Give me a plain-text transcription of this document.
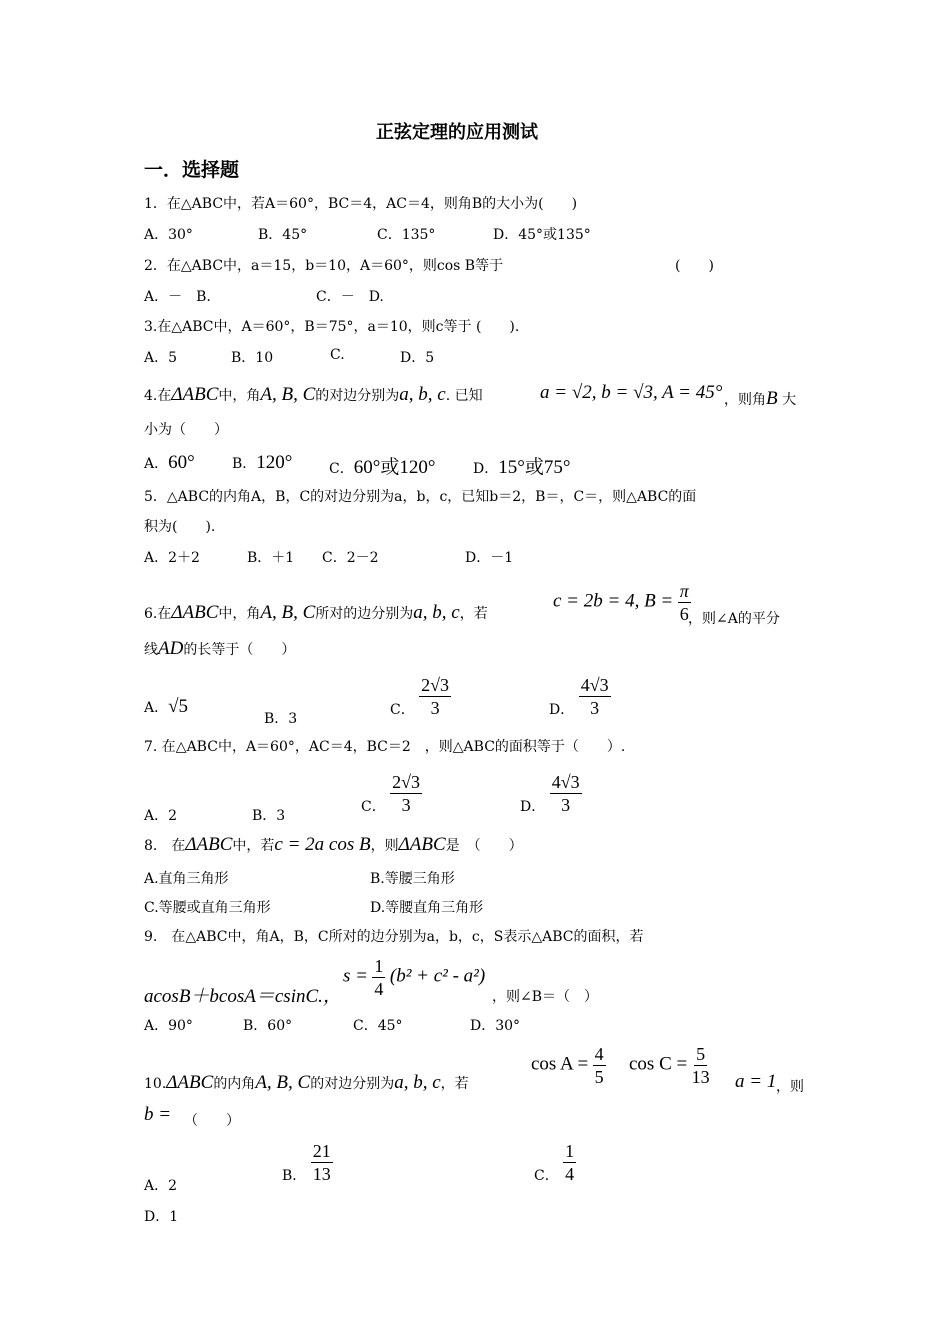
正弦定理的应用测试
一．选择题
1．在△ABC中，若A＝60°，BC＝4，AC＝4，则角B的大小为(　　)
A．30°	B．45°	C．135°	D．45°或135°
2．在△ABC中，a＝15，b＝10，A＝60°，则cos B等于	(　　)
A．－　B.	C．－　D.
3.在△ABC中，A＝60°，B＝75°，a＝10，则c等于 (　　).
A．5	B．10	C.	D．5
4.在ΔABC中，角A, B, C的对边分别为a, b, c. 已知	a = √2, b = √3, A = 45° ，则角B 大
小为（　　）
A．60°	B．120°	C．60°或120°	D．15°或75°
5．△ABC的内角A，B，C的对边分别为a，b，c，已知b＝2，B＝，C＝，则△ABC的面
积为(　　).
A．2＋2	B．＋1 C．2－2	D．－1
6.在ΔABC中，角A, B, C所对的边分别为a, b, c，若
c = 2b = 4, $B = \frac{\pi}{6}$
，则∠A的平分
线AD的长等于（　　）
A．√5
B．3
C． $\frac{2√3}{3}$	D． $\frac{4√3}{3}$
7. 在△ABC中，A＝60°，AC＝4，BC＝2　，则△ABC的面积等于（　　）.
A．2	B．3
C． $\frac{2√3}{3}$	D． $\frac{4√3}{3}$
8.　在ΔABC中，若c = 2a cos B，则ΔABC是　（　　）
A.直角三角形	B.等腰三角形
C.等腰或直角三角形	D.等腰直角三角形
9.　在△ABC中，角A，B，C所对的边分别为a，b，c，S表示△ABC的面积，若
acosB＋bcosA＝csinC.，
$s = \frac{1}{4} (b^2 + c^2 - a^2)$
，则∠B＝（　）
A．90°	B．60°	C．45°	D．30°
10.ΔABC的内角A, B, C的对边分别为a, b, c，若
$\cos A = \frac{4}{5}$ $\cos C = \frac{5}{13}$ a = 1 ，则
b = （　　）
A．2
B． $\frac{21}{13}$	C． $\frac{1}{4}$
D．1
